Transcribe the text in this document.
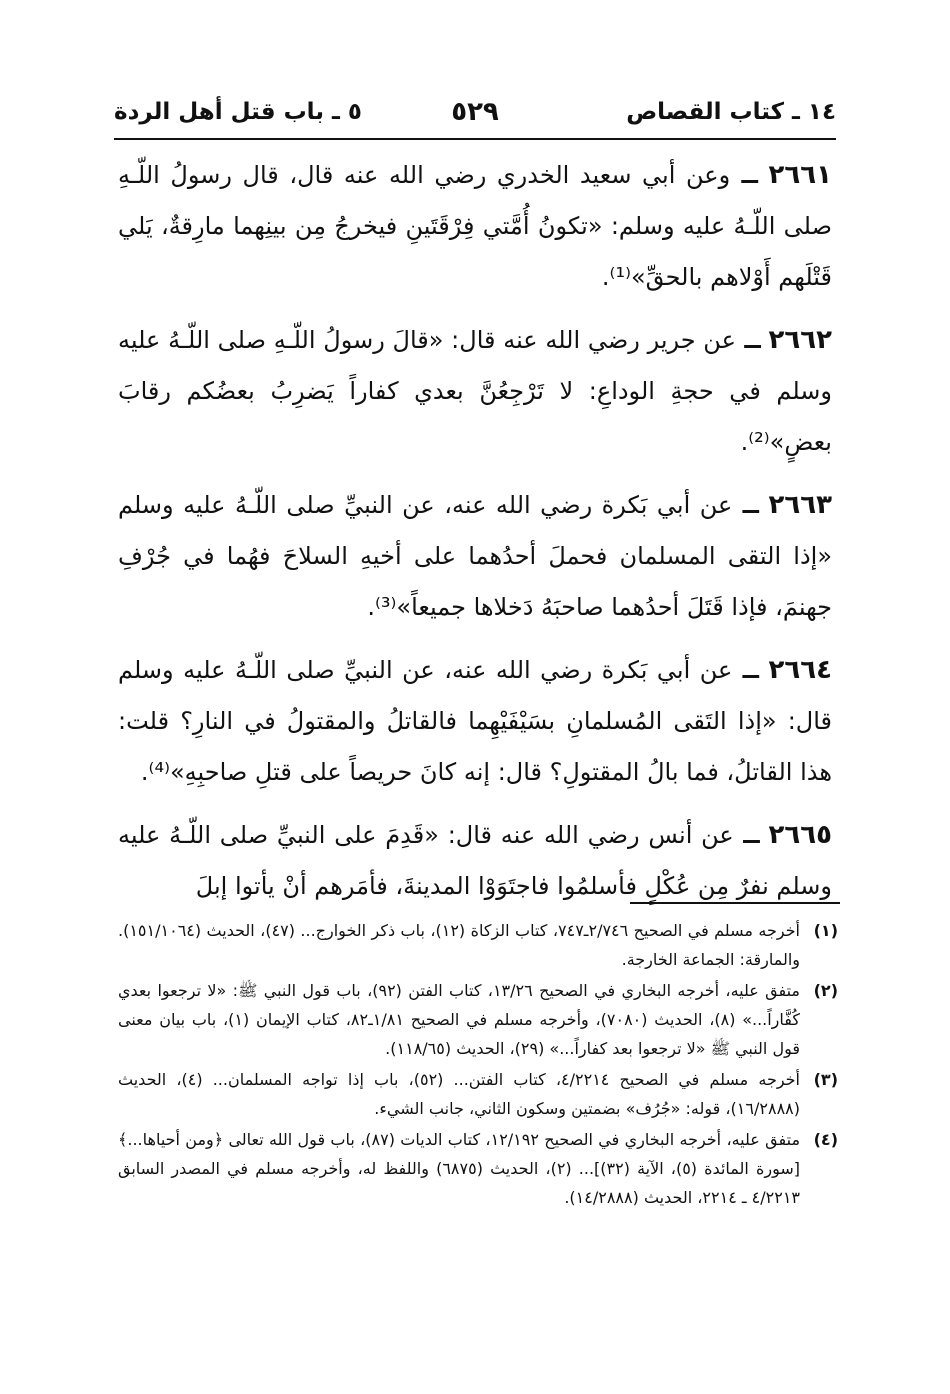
١٤ ـ كتاب القصاص
٥٢٩
٥ ـ باب قتل أهل الردة

٢٦٦١ ــ وعن أبي سعيد الخدري رضي الله عنه قال، قال رسولُ اللّـهِ صلى اللّـهُ عليه وسلم: «تكونُ أُمَّتي فِرْقَتَينِ فيخرجُ مِن بينِهما مارِقةٌ، يَلي قَتْلَهم أَوْلاهم بالحقِّ»⁽¹⁾.

٢٦٦٢ ــ عن جرير رضي الله عنه قال: «قالَ رسولُ اللّـهِ صلى اللّـهُ عليه وسلم في حجةِ الوداعِ: لا تَرْجِعُنَّ بعدي كفاراً يَضرِبُ بعضُكم رقابَ بعضٍ»⁽²⁾.

٢٦٦٣ ــ عن أبي بَكرة رضي الله عنه، عن النبيِّ صلى اللّـهُ عليه وسلم «إذا التقى المسلمان فحملَ أحدُهما على أخيهِ السلاحَ فهُما في جُرْفِ جهنمَ، فإذا قَتَلَ أحدُهما صاحبَهُ دَخلاها جميعاً»⁽³⁾.

٢٦٦٤ ــ عن أبي بَكرة رضي الله عنه، عن النبيِّ صلى اللّـهُ عليه وسلم قال: «إذا التَقى المُسلمانِ بسَيْفَيْهِما فالقاتلُ والمقتولُ في النارِ؟ قلت: هذا القاتلُ، فما بالُ المقتولِ؟ قال: إنه كانَ حريصاً على قتلِ صاحبِهِ»⁽⁴⁾.

٢٦٦٥ ــ عن أنس رضي الله عنه قال: «قَدِمَ على النبيِّ صلى اللّـهُ عليه وسلم نفرٌ مِن عُكْلٍ فأسلمُوا فاجتَوَوْا المدينةَ، فأمَرهم أنْ يأتوا إبلَ

(١)
أخرجه مسلم في الصحيح ٢/٧٤٦ـ٧٤٧، كتاب الزكاة (١٢)، باب ذكر الخوارج... (٤٧)، الحديث (١٥١/١٠٦٤). والمارقة: الجماعة الخارجة.
(٢)
متفق عليه، أخرجه البخاري في الصحيح ١٣/٢٦، كتاب الفتن (٩٢)، باب قول النبي ﷺ: «لا ترجعوا بعدي كُفَّاراً...» (٨)، الحديث (٧٠٨٠)، وأخرجه مسلم في الصحيح ١/٨١ـ٨٢، كتاب الإيمان (١)، باب بيان معنى قول النبي ﷺ «لا ترجعوا بعد كفاراً...» (٢٩)، الحديث (١١٨/٦٥).
(٣)
أخرجه مسلم في الصحيح ٤/٢٢١٤، كتاب الفتن... (٥٢)، باب إذا تواجه المسلمان... (٤)، الحديث (١٦/٢٨٨٨)، قوله: «جُرُف» بضمتين وسكون الثاني، جانب الشيء.
(٤)
متفق عليه، أخرجه البخاري في الصحيح ١٢/١٩٢، كتاب الديات (٨٧)، باب قول الله تعالى ﴿ومن أحياها...﴾ [سورة المائدة (٥)، الآية (٣٢)]... (٢)، الحديث (٦٨٧٥) واللفظ له، وأخرجه مسلم في المصدر السابق ٤/٢٢١٣ ـ ٢٢١٤، الحديث (١٤/٢٨٨٨).
